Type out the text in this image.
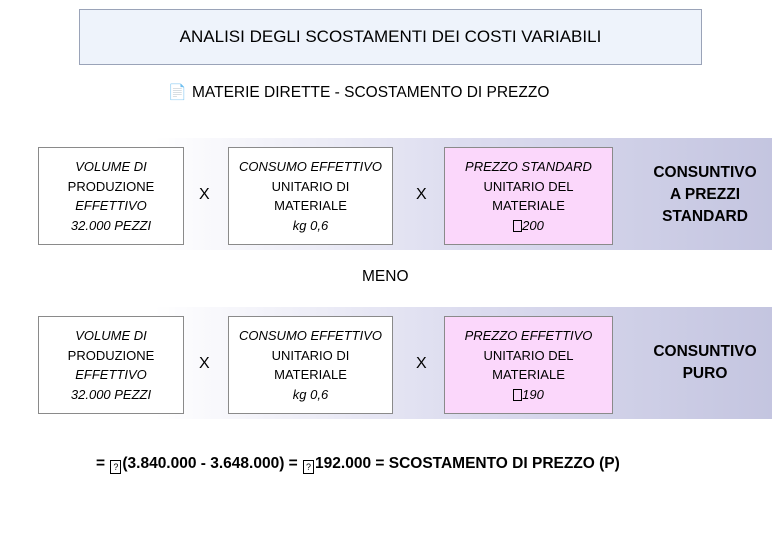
ANALISI DEGLI SCOSTAMENTI DEI COSTI VARIABILI
📄 MATERIE DIRETTE - SCOSTAMENTO DI PREZZO
VOLUME DI
PRODUZIONE
EFFETTIVO
32.000 PEZZI
X
CONSUMO EFFETTIVO
UNITARIO DI
MATERIALE
kg 0,6
X
PREZZO STANDARD
UNITARIO DEL
MATERIALE
200
CONSUNTIVO
A PREZZI
STANDARD
MENO
VOLUME DI
PRODUZIONE
EFFETTIVO
32.000 PEZZI
X
CONSUMO EFFETTIVO
UNITARIO DI
MATERIALE
kg 0,6
X
PREZZO EFFETTIVO
UNITARIO DEL
MATERIALE
190
CONSUNTIVO
PURO
= ? (3.840.000 - 3.648.000) = ? 192.000 = SCOSTAMENTO DI PREZZO (P)
